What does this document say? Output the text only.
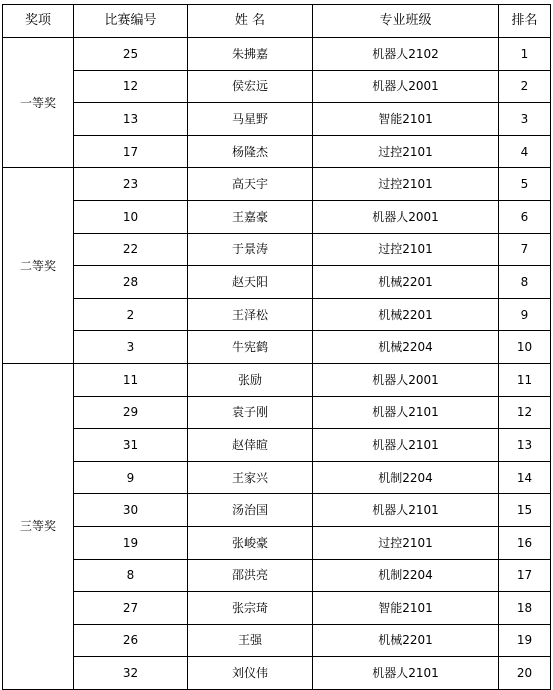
奖项	比赛编号	姓 名	专业班级	排名
一等奖	25	朱拂嘉	机器人2102	1
	12	侯宏远	机器人2001	2
	13	马星野	智能2101	3
	17	杨隆杰	过控2101	4
二等奖	23	高天宇	过控2101	5
	10	王嘉豪	机器人2001	6
	22	于景涛	过控2101	7
	28	赵天阳	机械2201	8
	2	王泽松	机械2201	9
	3	牛宪鹤	机械2204	10
三等奖	11	张励	机器人2001	11
	29	袁子刚	机器人2101	12
	31	赵倖暄	机器人2101	13
	9	王家兴	机制2204	14
	30	汤治国	机器人2101	15
	19	张峻豪	过控2101	16
	8	邵洪亮	机制2204	17
	27	张宗琦	智能2101	18
	26	王强	机械2201	19
	32	刘仪伟	机器人2101	20
